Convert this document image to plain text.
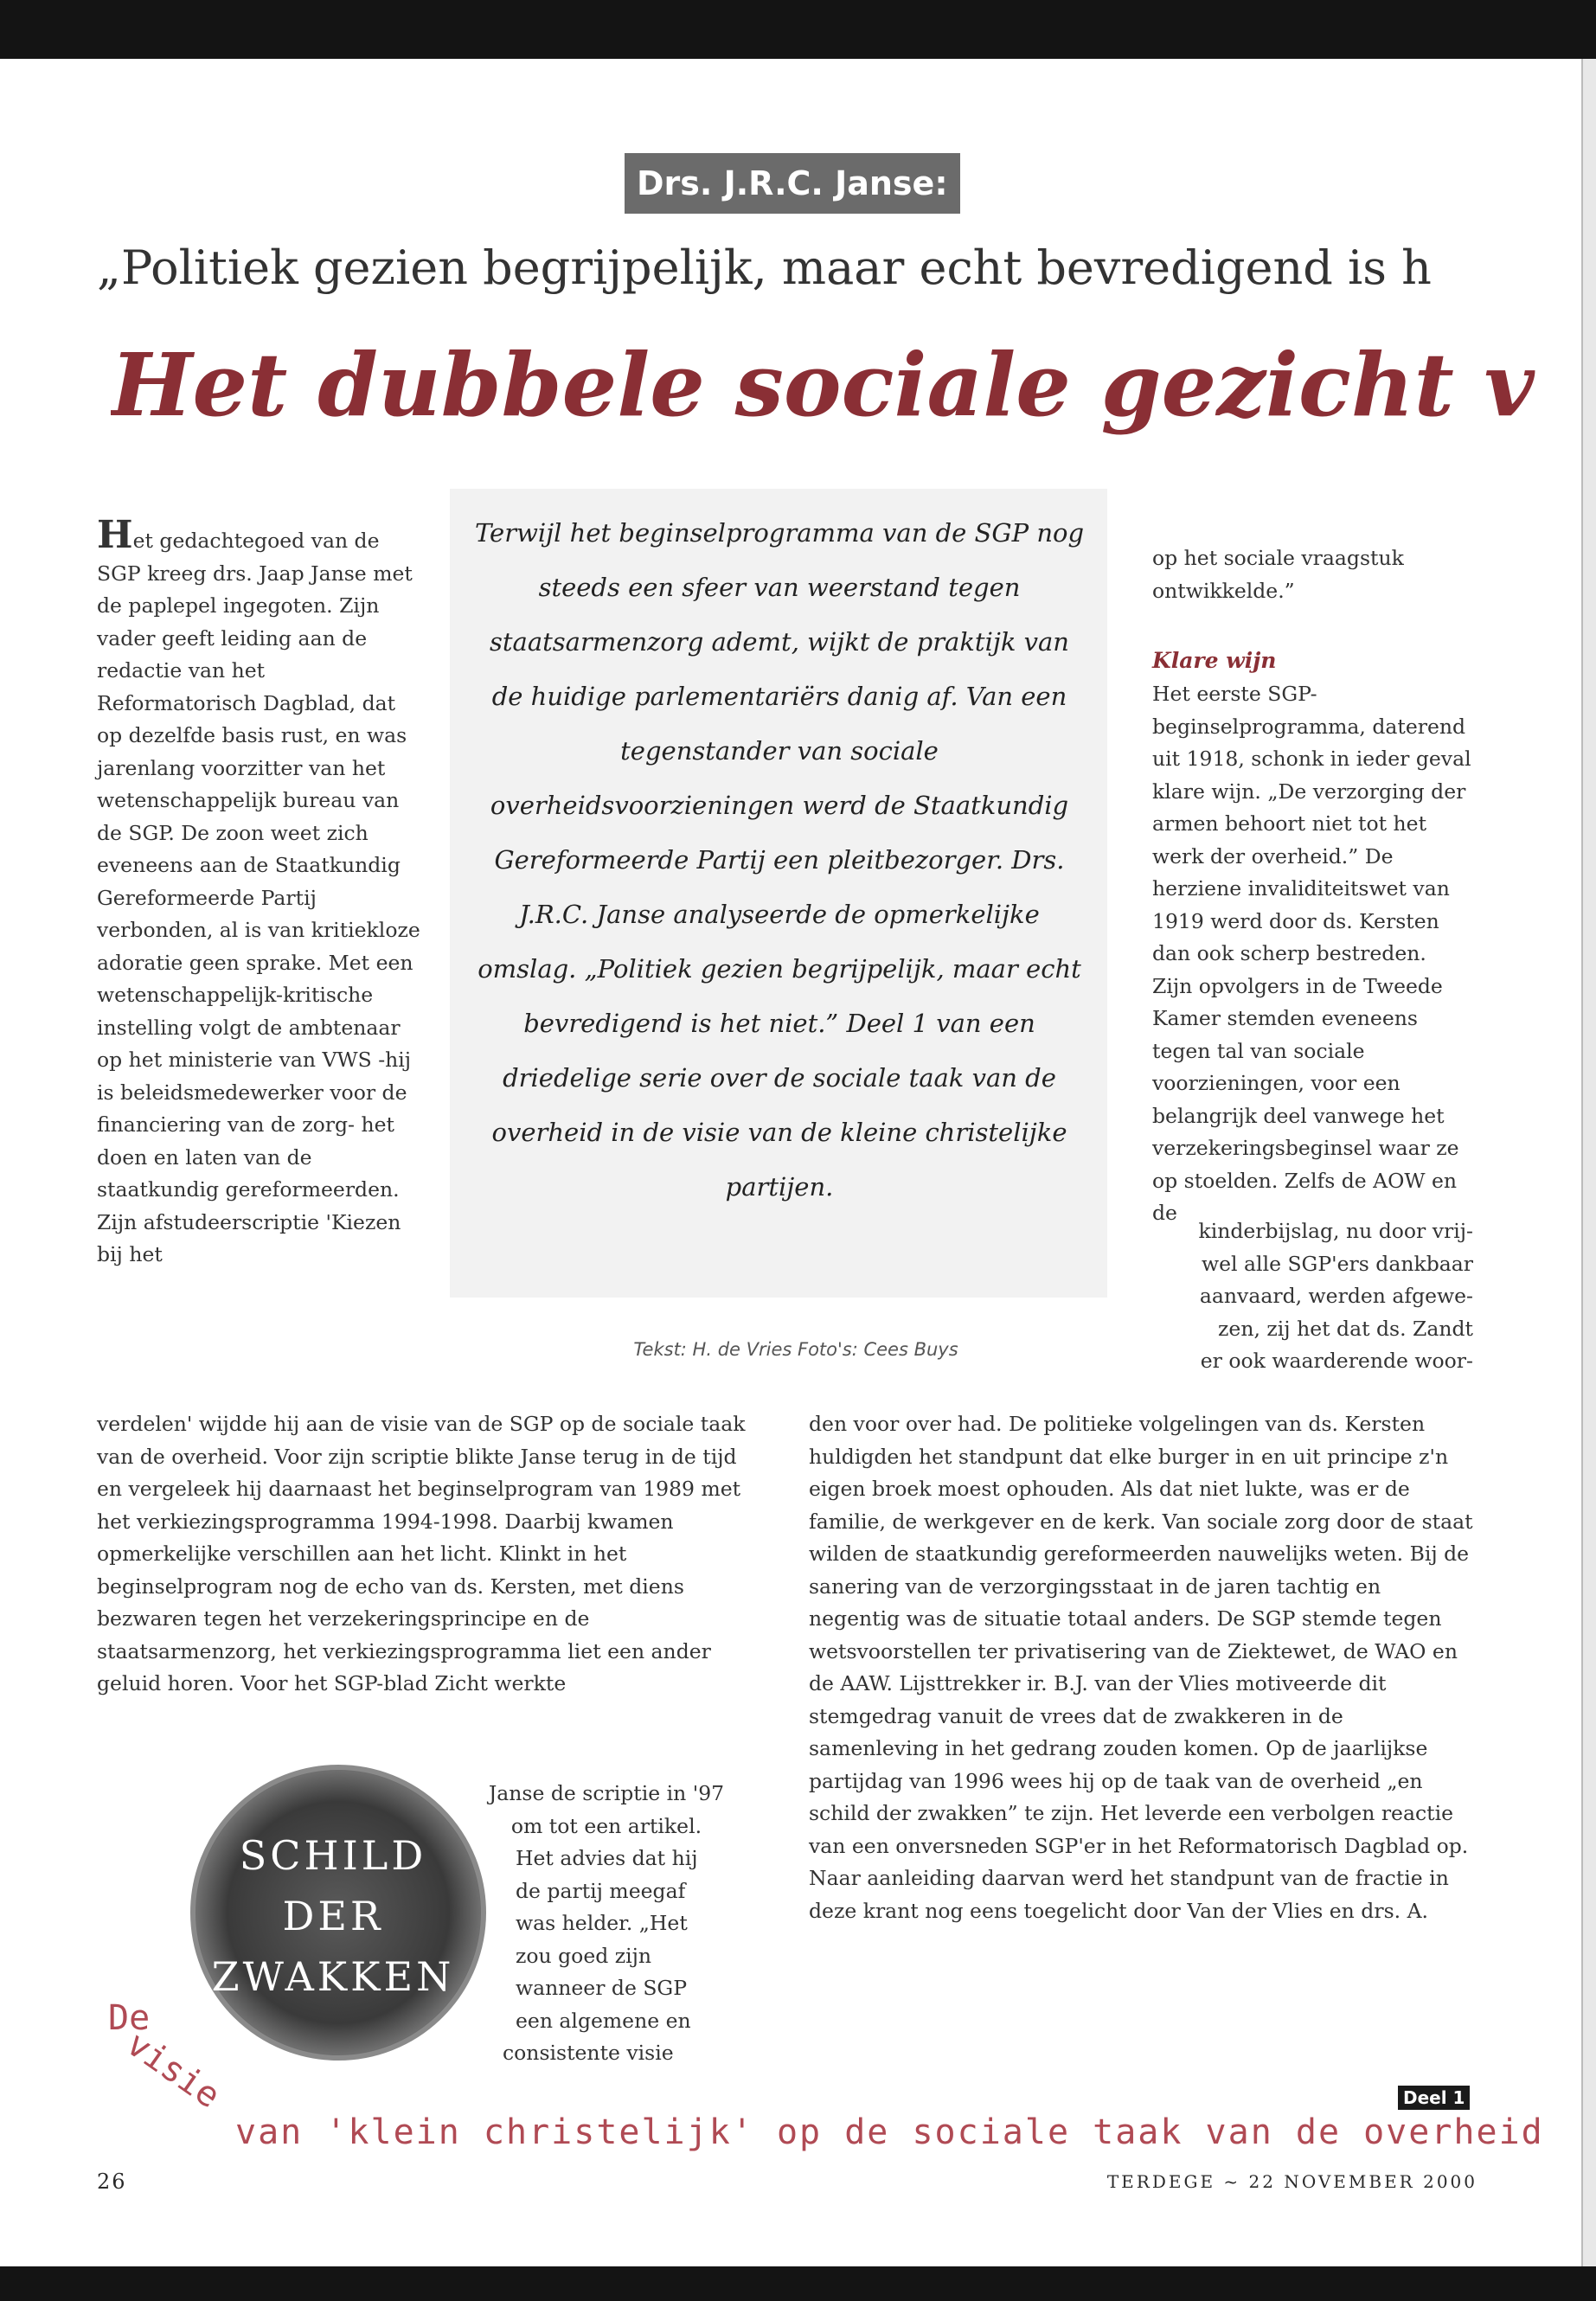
Drs. J.R.C. Janse:
„Politiek gezien begrijpelijk, maar echt bevredigend is h
Het dubbele sociale gezicht v
Terwijl het beginselprogramma van de SGP nog steeds een sfeer van weerstand tegen staatsarmenzorg ademt, wijkt de praktijk van de huidige parlementariërs danig af. Van een tegenstander van sociale overheidsvoorzieningen werd de Staatkundig Gereformeerde Partij een pleitbezorger. Drs. J.R.C. Janse analyseerde de opmerkelijke omslag. „Politiek gezien begrijpelijk, maar echt bevredigend is het niet.” Deel 1 van een driedelige serie over de sociale taak van de overheid in de visie van de kleine christelijke partijen.
Tekst: H. de Vries Foto's: Cees Buys
Het gedachtegoed van de SGP kreeg drs. Jaap Janse met de paplepel ingegoten. Zijn vader geeft leiding aan de redactie van het Reformatorisch Dagblad, dat op dezelfde basis rust, en was jarenlang voorzitter van het wetenschappelijk bureau van de SGP. De zoon weet zich eveneens aan de Staatkundig Gereformeerde Partij verbonden, al is van kritiekloze adoratie geen sprake. Met een wetenschappelijk-kritische instelling volgt de ambtenaar op het ministerie van VWS -hij is beleidsmedewerker voor de financiering van de zorg- het doen en laten van de staatkundig gereformeerden. Zijn afstudeerscriptie 'Kiezen bij het
op het sociale vraagstuk ontwikkelde.”
Klare wijn
Het eerste SGP-beginselprogramma, daterend uit 1918, schonk in ieder geval klare wijn. „De verzorging der armen behoort niet tot het werk der overheid.” De herziene invaliditeitswet van 1919 werd door ds. Kersten dan ook scherp bestreden. Zijn opvolgers in de Tweede Kamer stemden eveneens tegen tal van sociale voorzieningen, voor een belangrijk deel vanwege het verzekeringsbeginsel waar ze op stoelden. Zelfs de AOW en de
kinderbijslag, nu door vrij-
wel alle SGP'ers dankbaar
aanvaard, werden afgewe-
zen, zij het dat ds. Zandt
er ook waarderende woor-
verdelen' wijdde hij aan de visie van de SGP op de sociale taak van de overheid. Voor zijn scriptie blikte Janse terug in de tijd en vergeleek hij daarnaast het beginselprogram van 1989 met het verkiezingsprogramma 1994-1998. Daarbij kwamen opmerkelijke verschillen aan het licht. Klinkt in het beginselprogram nog de echo van ds. Kersten, met diens bezwaren tegen het verzekeringsprincipe en de staatsarmenzorg, het verkiezingsprogramma liet een ander geluid horen. Voor het SGP-blad Zicht werkte
Janse de scriptie in '97
om tot een artikel.
Het advies dat hij
de partij meegaf
was helder. „Het
zou goed zijn
wanneer de SGP
een algemene en
consistente visie
den voor over had. De politieke volgelingen van ds. Kersten huldigden het standpunt dat elke burger in en uit principe z'n eigen broek moest ophouden. Als dat niet lukte, was er de familie, de werkgever en de kerk. Van sociale zorg door de staat wilden de staatkundig gereformeerden nauwelijks weten. Bij de sanering van de verzorgingsstaat in de jaren tachtig en negentig was de situatie totaal anders. De SGP stemde tegen wetsvoorstellen ter privatisering van de Ziektewet, de WAO en de AAW. Lijsttrekker ir. B.J. van der Vlies motiveerde dit stemgedrag vanuit de vrees dat de zwakkeren in de samenleving in het gedrang zouden komen. Op de jaarlijkse partijdag van 1996 wees hij op de taak van de overheid „en schild der zwakken” te zijn. Het leverde een verbolgen reactie van een onversneden SGP'er in het Reformatorisch Dagblad op. Naar aanleiding daarvan werd het standpunt van de fractie in deze krant nog eens toegelicht door Van der Vlies en drs. A.
SCHILD
DER
ZWAKKEN
De
visie
van 'klein christelijk' op de sociale taak van de overheid
Deel 1
26	TERDEGE ~ 22 NOVEMBER 2000
